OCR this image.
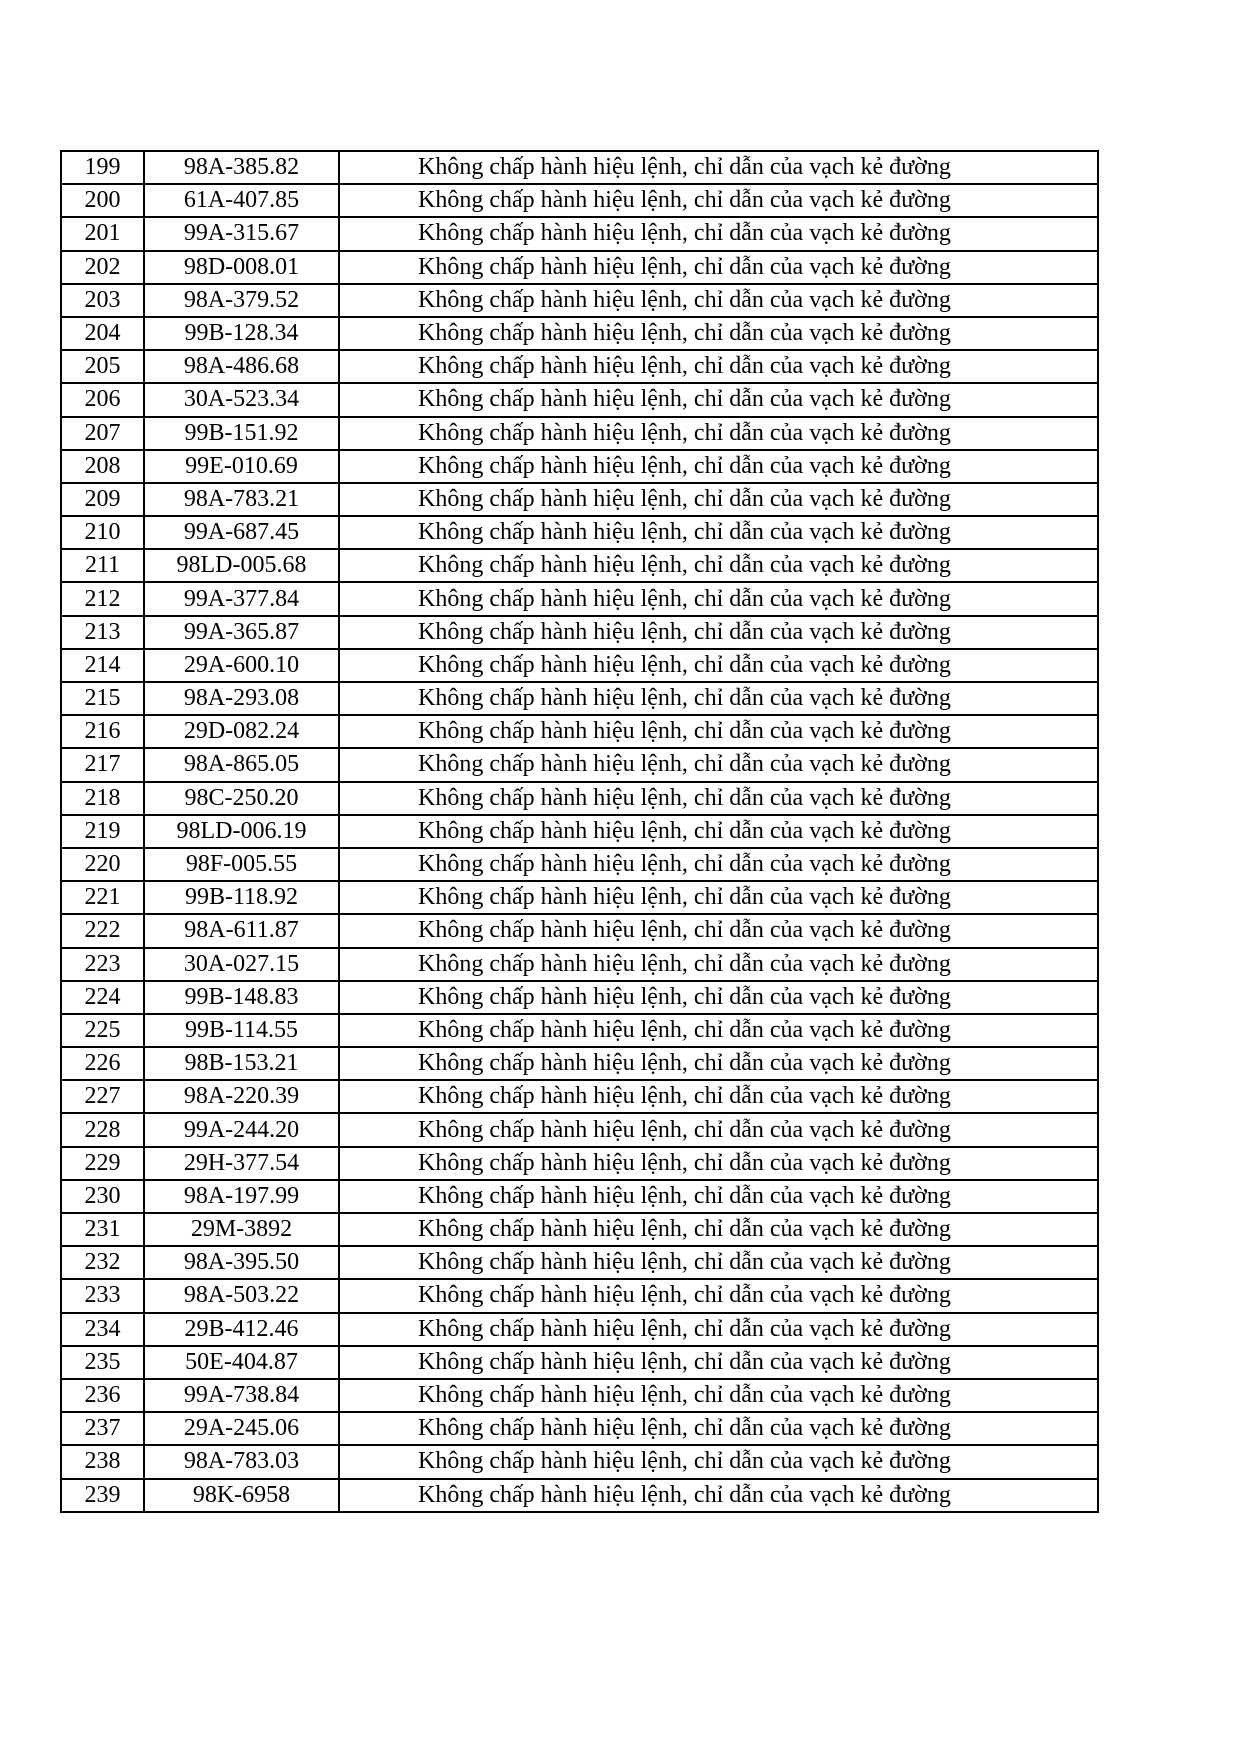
199	98A-385.82	Không chấp hành hiệu lệnh, chỉ dẫn của vạch kẻ đường
200	61A-407.85	Không chấp hành hiệu lệnh, chỉ dẫn của vạch kẻ đường
201	99A-315.67	Không chấp hành hiệu lệnh, chỉ dẫn của vạch kẻ đường
202	98D-008.01	Không chấp hành hiệu lệnh, chỉ dẫn của vạch kẻ đường
203	98A-379.52	Không chấp hành hiệu lệnh, chỉ dẫn của vạch kẻ đường
204	99B-128.34	Không chấp hành hiệu lệnh, chỉ dẫn của vạch kẻ đường
205	98A-486.68	Không chấp hành hiệu lệnh, chỉ dẫn của vạch kẻ đường
206	30A-523.34	Không chấp hành hiệu lệnh, chỉ dẫn của vạch kẻ đường
207	99B-151.92	Không chấp hành hiệu lệnh, chỉ dẫn của vạch kẻ đường
208	99E-010.69	Không chấp hành hiệu lệnh, chỉ dẫn của vạch kẻ đường
209	98A-783.21	Không chấp hành hiệu lệnh, chỉ dẫn của vạch kẻ đường
210	99A-687.45	Không chấp hành hiệu lệnh, chỉ dẫn của vạch kẻ đường
211	98LD-005.68	Không chấp hành hiệu lệnh, chỉ dẫn của vạch kẻ đường
212	99A-377.84	Không chấp hành hiệu lệnh, chỉ dẫn của vạch kẻ đường
213	99A-365.87	Không chấp hành hiệu lệnh, chỉ dẫn của vạch kẻ đường
214	29A-600.10	Không chấp hành hiệu lệnh, chỉ dẫn của vạch kẻ đường
215	98A-293.08	Không chấp hành hiệu lệnh, chỉ dẫn của vạch kẻ đường
216	29D-082.24	Không chấp hành hiệu lệnh, chỉ dẫn của vạch kẻ đường
217	98A-865.05	Không chấp hành hiệu lệnh, chỉ dẫn của vạch kẻ đường
218	98C-250.20	Không chấp hành hiệu lệnh, chỉ dẫn của vạch kẻ đường
219	98LD-006.19	Không chấp hành hiệu lệnh, chỉ dẫn của vạch kẻ đường
220	98F-005.55	Không chấp hành hiệu lệnh, chỉ dẫn của vạch kẻ đường
221	99B-118.92	Không chấp hành hiệu lệnh, chỉ dẫn của vạch kẻ đường
222	98A-611.87	Không chấp hành hiệu lệnh, chỉ dẫn của vạch kẻ đường
223	30A-027.15	Không chấp hành hiệu lệnh, chỉ dẫn của vạch kẻ đường
224	99B-148.83	Không chấp hành hiệu lệnh, chỉ dẫn của vạch kẻ đường
225	99B-114.55	Không chấp hành hiệu lệnh, chỉ dẫn của vạch kẻ đường
226	98B-153.21	Không chấp hành hiệu lệnh, chỉ dẫn của vạch kẻ đường
227	98A-220.39	Không chấp hành hiệu lệnh, chỉ dẫn của vạch kẻ đường
228	99A-244.20	Không chấp hành hiệu lệnh, chỉ dẫn của vạch kẻ đường
229	29H-377.54	Không chấp hành hiệu lệnh, chỉ dẫn của vạch kẻ đường
230	98A-197.99	Không chấp hành hiệu lệnh, chỉ dẫn của vạch kẻ đường
231	29M-3892	Không chấp hành hiệu lệnh, chỉ dẫn của vạch kẻ đường
232	98A-395.50	Không chấp hành hiệu lệnh, chỉ dẫn của vạch kẻ đường
233	98A-503.22	Không chấp hành hiệu lệnh, chỉ dẫn của vạch kẻ đường
234	29B-412.46	Không chấp hành hiệu lệnh, chỉ dẫn của vạch kẻ đường
235	50E-404.87	Không chấp hành hiệu lệnh, chỉ dẫn của vạch kẻ đường
236	99A-738.84	Không chấp hành hiệu lệnh, chỉ dẫn của vạch kẻ đường
237	29A-245.06	Không chấp hành hiệu lệnh, chỉ dẫn của vạch kẻ đường
238	98A-783.03	Không chấp hành hiệu lệnh, chỉ dẫn của vạch kẻ đường
239	98K-6958	Không chấp hành hiệu lệnh, chỉ dẫn của vạch kẻ đường
